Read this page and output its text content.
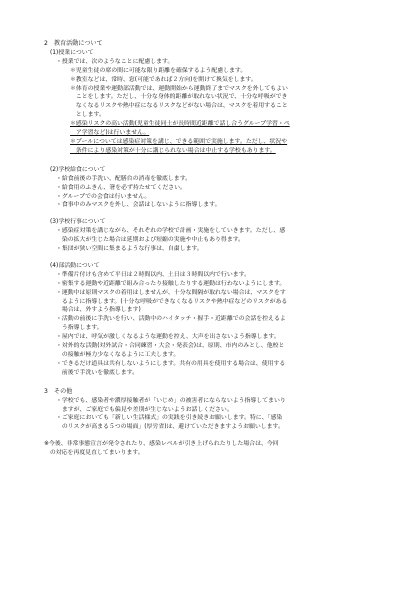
2　教育活動について
(1)授業について
・授業では、次のようなことに配慮します。
＊児童生徒の席の間に可能な限り距離を確保するよう配慮します。
＊教室などは、常時、窓(可能であれば２方向)を開けて換気をします。
＊体育の授業や運動部活動では、運動開始から運動終了までマスクを外してもよい
　ことをします。ただし、十分な身体的距離が取れない状況で、十分な呼吸ができ
　なくなるリスクや熱中症になるリスクなどがない場合は、マスクを着用すること
　とします。
＊感染リスクの高い活動(児童生徒同士が長時間近距離で話し合うグループ学習・ペ
　ア学習など)は行いません。
＊プールについては感染症対策を講じ、できる範囲で実施します。ただし、状況や
　条件により感染対策が十分に講じられない場合は中止する学校もあります。
(2)学校給食について
・給食前後の手洗い、配膳台の消毒を徹底します。
・給食用のふきん、箸を必ず持たせてください。
・グループでの会食は行いません。
・食事中のみマスクを外し、会話はしないように指導します。
(3)学校行事について
・感染症対策を講じながら、それぞれの学校で計画・実施をしていきます。ただし、感
　染の拡大が生じた場合は延期および短縮の実施や中止もあり得ます。
・集団が狭い空間に集まるような行事は、自粛します。
(4)部活動について
・準備片付けも含めて平日は２時間以内、土日は３時間以内で行います。
・密集する運動や近距離で組み合ったり接触したりする運動は行わないようにします。
・運動中は原則マスクの着用はしませんが、十分な間隔が取れない場合は、マスクをす
　るように指導します。(十分な呼吸ができなくなるリスクや熱中症などのリスクがある
　場合は、外すよう指導します)
・活動の前後に手洗いを行い、活動中のハイタッチ・握手・近距離での会話を控えるよ
　う指導します。
・屋内では、呼気が激しくなるような運動を控え、大声を出さないよう指導します。
・対外的な活動(対外試合・合同練習・大会・発表会)は、原則、市内のみとし、他校と
　の接触が極力少なくなるように工夫します。
・できるだけ道具は共有しないようにします。共有の用具を使用する場合は、使用する
　前後で手洗いを徹底します。
3　その他
・学校でも、感染者や濃厚接触者が「いじめ」の被害者にならないよう指導してまいり
　ますが、ご家庭でも偏見や差別が生じないようお話しください。
・ご家庭においても「新しい生活様式」の実践を引き続きお願いします。特に、「感染
　のリスクが高まる５つの場面」(厚労省)は、避けていただきますようお願いします。
※今後、非常事態宣言が発令されたり、感染レベルが引き上げられたりした場合は、今回
　の対応を再度見直してまいります。
